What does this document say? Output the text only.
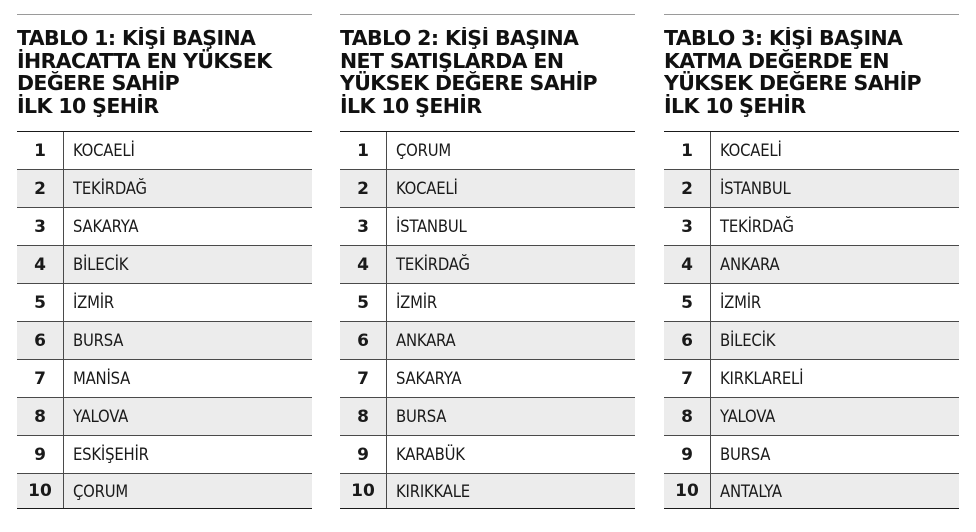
TABLO 1: KİŞİ BAŞINA
İHRACATTA EN YÜKSEK
DEĞERE SAHİP
İLK 10 ŞEHİR
1	KOCAELİ
2	TEKİRDAĞ
3	SAKARYA
4	BİLECİK
5	İZMİR
6	BURSA
7	MANİSA
8	YALOVA
9	ESKİŞEHİR
10	ÇORUM
TABLO 2: KİŞİ BAŞINA
NET SATIŞLARDA EN
YÜKSEK DEĞERE SAHİP
İLK 10 ŞEHİR
1	ÇORUM
2	KOCAELİ
3	İSTANBUL
4	TEKİRDAĞ
5	İZMİR
6	ANKARA
7	SAKARYA
8	BURSA
9	KARABÜK
10	KIRIKKALE
TABLO 3: KİŞİ BAŞINA
KATMA DEĞERDE EN
YÜKSEK DEĞERE SAHİP
İLK 10 ŞEHİR
1	KOCAELİ
2	İSTANBUL
3	TEKİRDAĞ
4	ANKARA
5	İZMİR
6	BİLECİK
7	KIRKLARELİ
8	YALOVA
9	BURSA
10	ANTALYA
